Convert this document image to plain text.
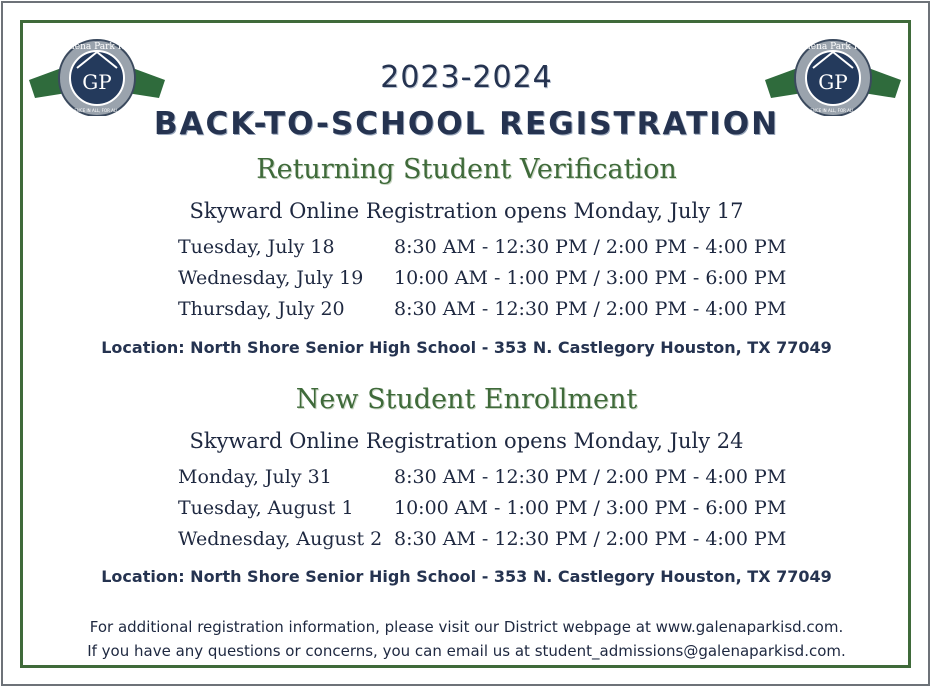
Galena Park ISD
GP
EXCELLENCE IN ALL, FOR ALL, BY ALL
Galena Park ISD
GP
EXCELLENCE IN ALL, FOR ALL, BY ALL
2023-2024
BACK-TO-SCHOOL REGISTRATION
Returning Student Verification
Skyward Online Registration opens Monday, July 17
Tuesday, July 18	8:30 AM - 12:30 PM / 2:00 PM - 4:00 PM
Wednesday, July 19 10:00 AM - 1:00 PM / 3:00 PM - 6:00 PM
Thursday, July 20	8:30 AM - 12:30 PM / 2:00 PM - 4:00 PM
Location: North Shore Senior High School - 353 N. Castlegory Houston, TX 77049
New Student Enrollment
Skyward Online Registration opens Monday, July 24
Monday, July 31	8:30 AM - 12:30 PM / 2:00 PM - 4:00 PM
Tuesday, August 1 10:00 AM - 1:00 PM / 3:00 PM - 6:00 PM
Wednesday, August 2 8:30 AM - 12:30 PM / 2:00 PM - 4:00 PM
Location: North Shore Senior High School - 353 N. Castlegory Houston, TX 77049
For additional registration information, please visit our District webpage at www.galenaparkisd.com.
If you have any questions or concerns, you can email us at student_admissions@galenaparkisd.com.
